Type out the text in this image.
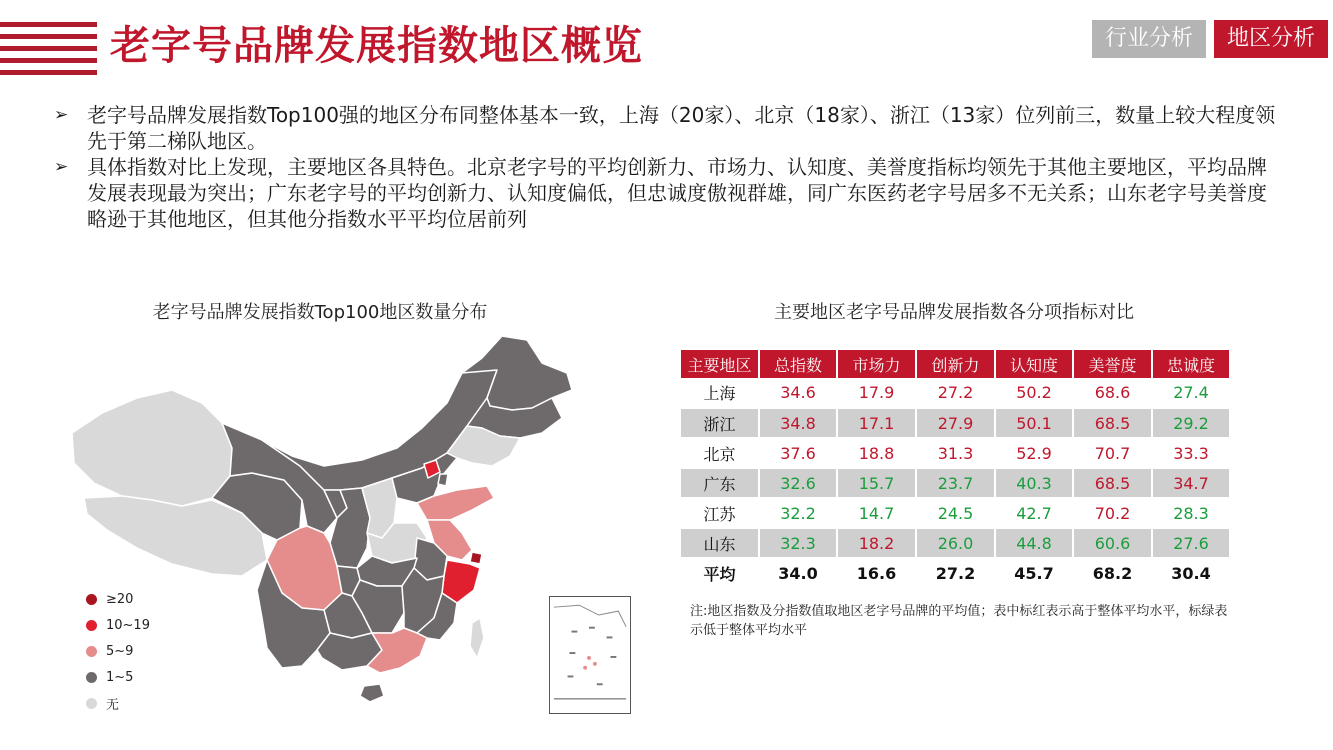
老字号品牌发展指数地区概览	行业分析	地区分析
➢ 老字号品牌发展指数Top100强的地区分布同整体基本一致，上海（20家）、北京（18家）、浙江（13家）位列前三，数量上较大程度领先于第二梯队地区。
➢ 具体指数对比上发现，主要地区各具特色。北京老字号的平均创新力、市场力、认知度、美誉度指标均领先于其他主要地区，平均品牌发展表现最为突出；广东老字号的平均创新力、认知度偏低，但忠诚度傲视群雄，同广东医药老字号居多不无关系；山东老字号美誉度略逊于其他地区，但其他分指数水平平均位居前列
老字号品牌发展指数Top100地区数量分布	主要地区老字号品牌发展指数各分项指标对比
≥20
10~19
5~9
1~5
无
主要地区	总指数	市场力	创新力	认知度	美誉度	忠诚度
上海	34.6	17.9	27.2	50.2	68.6	27.4
浙江	34.8	17.1	27.9	50.1	68.5	29.2
北京	37.6	18.8	31.3	52.9	70.7	33.3
广东	32.6	15.7	23.7	40.3	68.5	34.7
江苏	32.2	14.7	24.5	42.7	70.2	28.3
山东	32.3	18.2	26.0	44.8	60.6	27.6
平均	34.0	16.6	27.2	45.7	68.2	30.4
注:地区指数及分指数值取地区老字号品牌的平均值；表中标红表示高于整体平均水平，标绿表示低于整体平均水平
